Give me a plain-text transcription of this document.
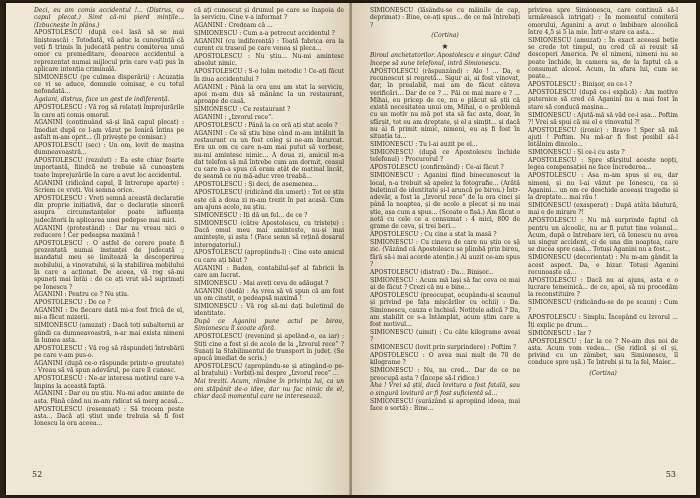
Deci, eu am comis accidentul !... (Distrus, cu capul plecat.) Simt că-mi pierd mințile... (Izbucnește în plâns.)

APOSTOLESCU (după ce-l lasă să se mai liniștească) : Totodată, vă aduc la cunoștință că veți fi trimis în judecată pentru comiterea unui omor cu premeditare, deoarece accidentul a reprezentat numai mijlocul prin care v-ați pus în aplicare intenția criminală.

SIMIONESCU (pe culmea disperării) : Acuzația ce vi se aduce, domnule comisar, e cu totul nefondată...

Agaiani, distrus, face un gest de indiferență.

APOSTOLESCU : Vă rog să relatați împrejurările în care ați comis omorul.

AGANINI (continuând să-și lină capul plecat) : Imediat după ce l-am văzut pe Ionică întins pe asfalt m-am oprit... (Îl privește pe comisar.)

APOSTOLESCU (sec) : Un om, lovit de mașina dumneavoastră...

APOSTOLESCU (rezolut) : Ea este chiar foarte importantă, fiindcă ne trebuie să cunoaștem toate împrejurările în care a avut loc accidentul.

AGANINI (ridicând capul, îl întrerupe aparte) : Scriem ce vreți. Voi semna orice.

APOSTOLESCU : Vreți semnă această declarație din proprie inițiativă, dar o declarație sinceră asupra circumstanțelor poate influența judecătorii în aplicarea unei pedepse mai mici.

AGANINI (protestând) : Dar nu vreau nici o reducere ! Cer pedeapsa maximă !

APOSTOLESCU : O astfel de cerere poate fi prezentată numai instanței de judecată ; mandatul meu se limitează la descoperirea mobilului, a vinovatului, și la stabilirea mobilului în care a acționat. De aceea, vă rog să-mi spuneți mai întâi : de ce ați vrut să-l suprimați pe Ionescu ?

AGANINI : Pentru ce ? Nu știu.

APOSTOLESCU : De ce ?

AGANINI : De fiecare dată mi-a fost frică de el, mi-a făcut mizerii.

SIMIONESCU (amuzat) : Dacă toți subalternii ar gândi ca dumneavoastră, n-ar mai exista nimeni în lumea asta.

APOSTOLESCU : Vă rog să răspundeți întrebării pe care v-am pus-o.

AGANINI (după ce-o răspunde printr-o greutate) : Vreau să vă spun adevărul, pe care îl cunosc.

APOSTOLESCU : Ne-ar interesa motivul care v-a împins la această faptă.

AGANINI : Dar eu nu știu. Nu-mi aduc aminte de asta. Până când nu m-am ridicat să merg acasă...

APOSTOLESCU (resemnat) : Să trecem peste asta... Dacă ați știut unde trebuia să fi fost Ionescu la ora aceea...

că ați cunoscut și drumul pe care se înapoia de la serviciu. Cine v-a informat ?

AGANINI : Credeam că ...

SIMIONESCU : Cum a-a petrecut accidentul ?

AGANINI (cu indiferență) : Toată fabrica era la curent cu traseul pe care venea și pleca...

APOSTOLESCU : Nu știu... Nu-mi amintesc absolut nimic.

APOSTOLESCU : S-o luăm metodic ! Ce-ați făcut în ziua accidentului ?

AGANINI : Până la ora unu am stat la serviciu, apoi m-am dus să mănânc la un restaurant, aproape de casă.

SIMIONESCU : Ce restaurant ?

AGANINI : „Izvorul rece”.

APOSTOLESCU : Până la ce oră ați stat acolo ?

AGANINI : Ce să știu bine când m-am intâlnit în restaurant cu un fost coleg și ne-am încurcat. Era un om cu care n-am mai putut să vorbesc, nu-mi amintesc nimic... A doua zi, amicul m-a dat telefon să mă întrebe cum am dormit, ceasul cu care m-a spus că eram atât de matinal încât, de seamă ce nu mă-aduc vreo treabă...

APOSTOLESCU : Și deci, de asemenea...

APOSTOLESCU (ridicând din umeri) : Tot ce știu este că a doua zi m-am trezit în pat acasă. Cum am ajuns acolo, nu știu.

SIMIONESCU : Iți dă un fel... de ce ?

SIMIONESCU (către Apostolescu, cu tristețe) : Dacă omul meu mai amintește, nu-și mai amintește, și asta ! (Face semn să rețină dosarul interogatoriul.)

APOSTOLESCU (apropiindu-l) : Cine este amicul cu care ați băut ?

AGANINI : Baden, contabilul-șef al fabricii în care am lucrat.

SIMIONESCU : Mai aveți ceva de adăugat ?

AGANINI (dedă) : Aș vrea să vă spun că am fost un om cinstit, o pedeapsă maximă !

SIMIONESCU : Vă rog să-mi dați buletinul de identitate.

După ce Aganini pune actul pe birou, Simionescu îl scoate afară.

APOSTOLESCU (revenind și apelând-o, ea iar) : Știți cine a fost și de acolo de la „Izvorul rece” ? Sunați la Stabilimentul de transport în județ. (Se apucă imediat de scris.)

APOSTOLESCU (apropiindu-se și atingând-o pe-al brațului) : Vorbiți-mi despre „Izvorul rece” ...

Mai treziți. Acum, rămâne în privința lui, ca un om stăpânit de-o idee, dar nu fac nimic de el, chiar dacă momentul care ne interesează.

52

SIMIONESCU (lăsându-se cu mâinile de cap, deprimat) : Bine, ce-ați spus... de ce mă întrebați ?

(Cortina)

★

Biroul anchetatorilor. Apostolescu e singur. Când începe să sune telefonul, intră Simionescu.

APOSTOLESCU (răspunzând) : Alo ! ... Da, e recunoscut și regretă... Sigur ai, ai fost vinovat, dar, în prealabil, mai am de făcut câteva verificări... Dar de ce ? ... Păi ce mai mare e ? ... Mihai, eu pricep de ce, nu e plăcut să știi că există necesitatea unui om, Mihai, e o problemă cu un motiv nu mă pot sta să fac asta, doar, în sfârșit, tot eu am dreptate, și el a simțit... și dacă nu ai fi primit nimic, nimeni, eu aș fi fost în situația ta...

SIMIONESCU : Tu l-ai auzit pe el...

SIMIONESCU (după ce Apostolescu închide telefonul) : Procurorul ?

APOSTOLESCU (confirmând) : Ce-ai făcut ?

SIMIONESCU : Aganini fiind binecunoscut la local, n-a trebuit să apelez la fotografie... (Arătă buletinul de identitate și-l aruncă pe birou.) Într-adevăr, a fost la „Izvorul rece” de la ora cinci și până la noaptea, și de acolo a plecat și nu mai știe, așa cum a spus... (Scoate o fișă.) Am făcut o notă cu cele ce a consumat : 4 mici, 800 de grame de ceva, și trei beri...

APOSTOLESCU : Cu cine a stat la masă ?

SIMIONESCU : Cu cineva de care nu știu ce să zic. (Văzând că Apostolescu se plimbă prin birou, fără să-i mai acorde atenție.) Ai auzit ce-am spus ?

APOSTOLESCU (distrat) : Da... Binișor...

SIMIONESCU : Acum mă lași să fac ceva ce mai ai de făcut ? Crezi că nu e bine...

APOSTOLESCU (preocupat, ocupându-și scaunul și privind pe fața mișcărilor cu ochii) : Da. Simionescu, cauza e închisă. Notițele adică ? Da, am stabilit ce s-a întâmplat, acum știm care a fost motivul...

SIMIONESCU (uimit) : Cu câte kilograme aveai ?

SIMIONESCU (lovit prin surprindere) : Poftim ?

APOSTOLESCU : O avea mai mult de 70 de kilograme ?

SIMIONESCU : Nu, nu cred... Dar de ce ne preocupă asta ? (Începe să-l ridice.)

Aha ! Vrei să știi, dacă lovitura a fost fatală, sau o singură lovitură ar fi fost suficientă să...

SIMIONESCU (surâzând și apropiind ideea, mai face o sortă) : Bine...

privirea spre Simionescu, care continuă să-l urmărească intrigat) : În momentul comiterii omorului, Aganini a avut o îmbibare alcoolică între 4,5 și 5 la mie. Într-o stare ca asta...

SIMIONESCU (amuzat) : În exact aceeași beție se crede tot timpul, nu cred că ai reușit să descoperi America. Pe el nimeni, nimeni nu se poate închide, în camera sa, de la faptul că a consumat alcool. Acum, în afara lui, cum se poate...

APOSTOLESCU : Binișor, ea ce-i ?

APOSTOLESCU (după ce-i explică) : Am motive puternice să cred că Aganini nu a mai fost în stare să conducă mașina...

SIMIONESCU : Ajută-mă să văd ce-i așa... Poftim ?! Vrei să spui că nu el e vinovatul ?!

APOSTOLESCU (ironic) : Bravo ! Sper să mă ajuți ! Poftim. Nu mă-ar fi fost posibil să-l întâlnim dincolo...

SIMIONESCU : Și ce-i cu asta ?

APOSTOLESCU : Spre sfârșitul aceste nopți, legea compensației ne face încrederea...

APOSTOLESCU : Asa m-am spus și eu, dar nimeni, și nu l-ai văzut pe Ionescu, ca și Aganini... un om ce deschide aceeași tragedie și la dreptate... mai rău !

SIMIONESCU (exasperat) : După atâta băutură, mai e de mirare ?!

APOSTOLESCU : Nu mă surprinde faptul că pentru un alcoolic, nu ar fi putut ține volanul... Acum, după o întrebare ieri, că Ionescu nu avea un singur accident, ci de una din noaptea, care se ducea spre casă... Totuși Aganini nu a fost...

SIMIONESCU (decorientat) : Nu m-am gândit la acest aspect. Da, e bizar. Totuși Aganini recunoaște că...

APOSTOLESCU : Dacă nu ai ajuns, asta e o lucrare temeinică... de ce, apoi, să nu procedăm la reconstituire ?

SIMIONESCU (ridicându-se de pe scaun) : Cum ?

APOSTOLESCU : Simplu. Începând cu Izvorul ... Îți explic pe drum...

SIMIONESCU : Iar ?

APOSTOLESCU : Iar la ce ? Ne-am dus noi de asta. Acum vom vedea... (Se ridică și el și, privind cu un zâmbet, sau Simionescu, îl conduce spre ușă.) Te întrebi și tu la fel, Maier...

(Cortina)

53
